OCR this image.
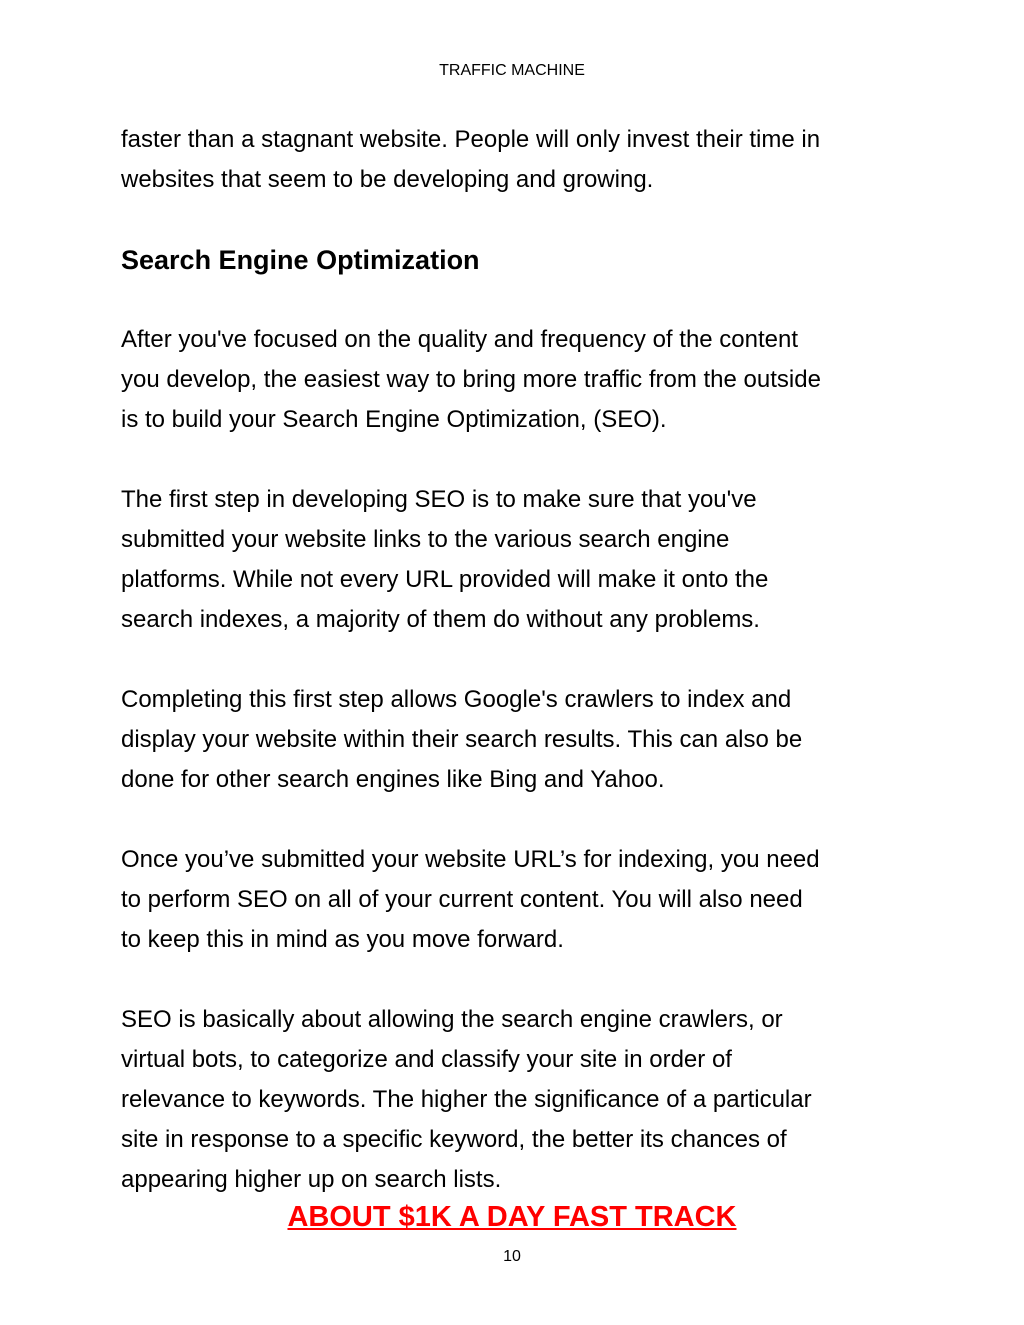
TRAFFIC MACHINE

faster than a stagnant website. People will only invest their time in
websites that seem to be developing and growing.

Search Engine Optimization

After you've focused on the quality and frequency of the content
you develop, the easiest way to bring more traffic from the outside
is to build your Search Engine Optimization, (SEO).

The first step in developing SEO is to make sure that you've
submitted your website links to the various search engine
platforms. While not every URL provided will make it onto the
search indexes, a majority of them do without any problems.

Completing this first step allows Google's crawlers to index and
display your website within their search results. This can also be
done for other search engines like Bing and Yahoo.

Once you’ve submitted your website URL’s for indexing, you need
to perform SEO on all of your current content. You will also need
to keep this in mind as you move forward.

SEO is basically about allowing the search engine crawlers, or
virtual bots, to categorize and classify your site in order of
relevance to keywords. The higher the significance of a particular
site in response to a specific keyword, the better its chances of
appearing higher up on search lists.

ABOUT $1K A DAY FAST TRACK
10
